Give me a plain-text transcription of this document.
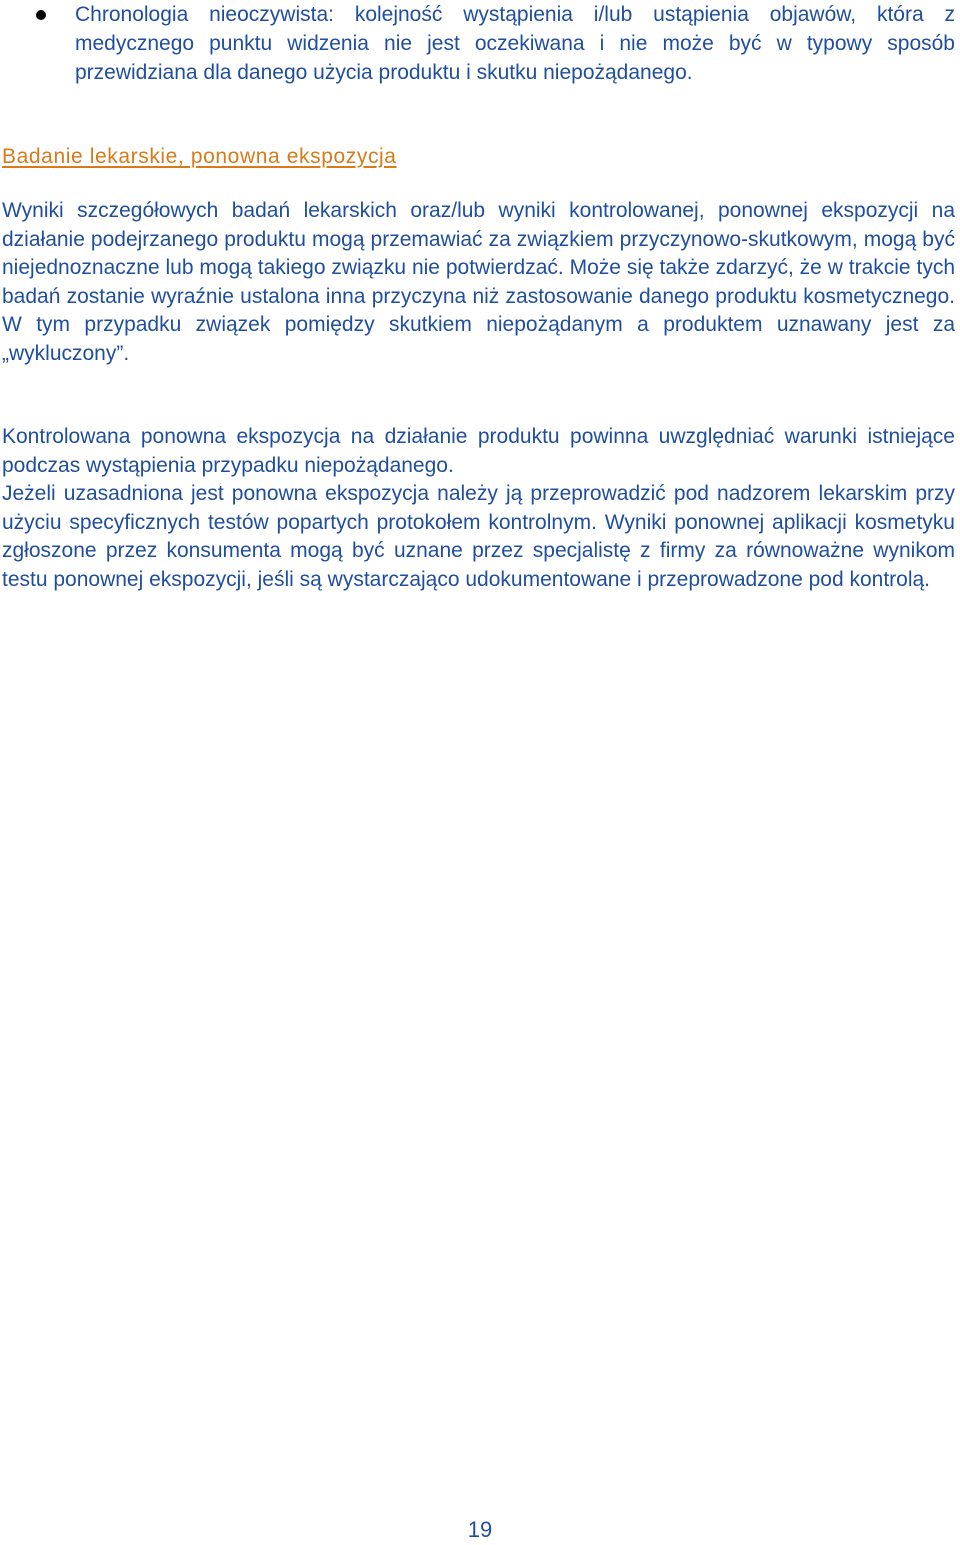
Chronologia nieoczywista: kolejność wystąpienia i/lub ustąpienia objawów, która z medycznego punktu widzenia nie jest oczekiwana i nie może być w typowy sposób przewidziana dla danego użycia produktu i skutku niepożądanego.

Badanie lekarskie, ponowna ekspozycja

Wyniki szczegółowych badań lekarskich oraz/lub wyniki kontrolowanej, ponownej ekspozycji na działanie podejrzanego produktu mogą przemawiać za związkiem przyczynowo-skutkowym, mogą być niejednoznaczne lub mogą takiego związku nie potwierdzać. Może się także zdarzyć, że w trakcie tych badań zostanie wyraźnie ustalona inna przyczyna niż zastosowanie danego produktu kosmetycznego. W tym przypadku związek pomiędzy skutkiem niepożądanym a produktem uznawany jest za „wykluczony”.

Kontrolowana ponowna ekspozycja na działanie produktu powinna uwzględniać warunki istniejące podczas wystąpienia przypadku niepożądanego.

Jeżeli uzasadniona jest ponowna ekspozycja należy ją przeprowadzić pod nadzorem lekarskim przy użyciu specyficznych testów popartych protokołem kontrolnym. Wyniki ponownej aplikacji kosmetyku zgłoszone przez konsumenta mogą być uznane przez specjalistę z firmy za równoważne wynikom testu ponownej ekspozycji, jeśli są wystarczająco udokumentowane i przeprowadzone pod kontrolą.

19
